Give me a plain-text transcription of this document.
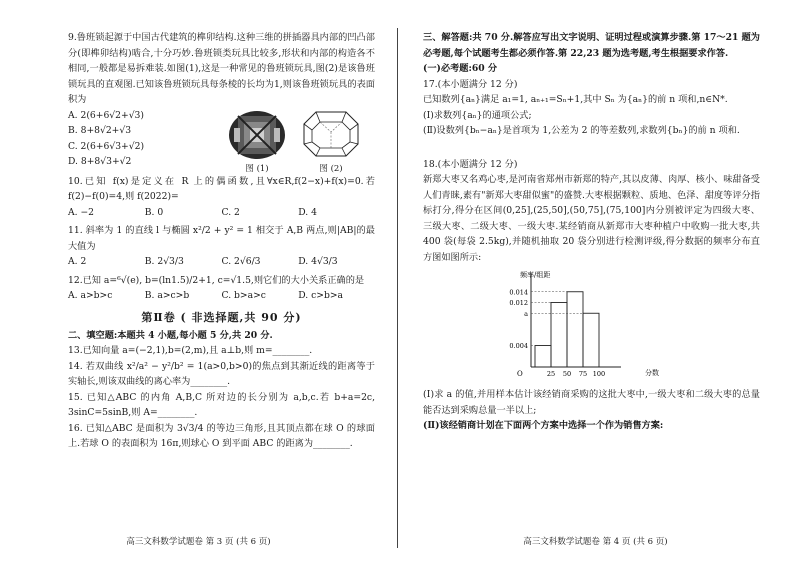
9.鲁班锁起源于中国古代建筑的榫卯结构.这种三维的拼插器具内部的凹凸部分(即榫卯结构)啮合,十分巧妙.鲁班锁类玩具比较多,形状和内部的构造各不相同,一般都是易拆难装.如图(1),这是一种常见的鲁班锁玩具,图(2)是该鲁班锁玩具的直观图.已知该鲁班锁玩具每条棱的长均为1,则该鲁班锁玩具的表面积为

A. 2(6+6√2+√3)
B. 8+8√2+√3
C. 2(6+6√3+√2)
D. 8+8√3+√2
图 (1)	图 (2)

10.已知 f(x)是定义在 R 上的偶函数,且∀x∈R,f(2−x)+f(x)=0.若 f(2)−f(0)=4,则 f(2022)=

A. −2	B. 0	C. 2	D. 4

11. 斜率为 1 的直线 l 与椭圆 x²/2 + y² = 1 相交于 A,B 两点,则|AB|的最大值为

A. 2	B. 2√3/3	C. 2√6/3	D. 4√3/3

12.已知 a=⁶√(e), b=(ln1.5)/2+1, c=√1.5,则它们的大小关系正确的是

A. a>b>c	B. a>c>b	C. b>a>c	D. c>b>a
第Ⅱ卷 ( 非选择题,共 90 分)

二、填空题:本题共 4 小题,每小题 5 分,共 20 分.

13.已知向量 a=(−2,1),b=(2,m),且 a⊥b,则 m=________.

14. 若双曲线 x²/a² − y²/b² = 1(a>0,b>0)的焦点到其渐近线的距离等于实轴长,则该双曲线的离心率为________.

15. 已知△ABC 的内角 A,B,C 所对边的长分别为 a,b,c.若 b+a=2c, 3sinC=5sinB,则 A=________.

16. 已知△ABC 是面积为 3√3/4 的等边三角形,且其顶点都在球 O 的球面上.若球 O 的表面积为 16π,则球心 O 到平面 ABC 的距离为________.

高三文科数学试题卷 第 3 页 (共 6 页)

三、解答题:共 70 分.解答应写出文字说明、证明过程或演算步骤.第 17～21 题为必考题,每个试题考生都必须作答.第 22,23 题为选考题,考生根据要求作答.

(一)必考题:60 分

17.(本小题满分 12 分)

已知数列{aₙ}满足 a₁=1, aₙ₊₁=Sₙ+1,其中 Sₙ 为{aₙ}的前 n 项和,n∈N*.

(Ⅰ)求数列{aₙ}的通项公式;

(Ⅱ)设数列{bₙ−aₙ}是首项为 1,公差为 2 的等差数列,求数列{bₙ}的前 n 项和.

18.(本小题满分 12 分)

新郑大枣又名鸡心枣,是河南省郑州市新郑的特产,其以皮薄、肉厚、核小、味甜备受人们青睐,素有"新郑大枣甜似蜜"的盛赞.大枣根据颗粒、质地、色泽、甜度等评分指标打分,得分在区间(0,25],(25,50],(50,75],(75,100]内分别被评定为四级大枣、三级大枣、二级大枣、一级大枣.某经销商从新郑市大枣种植户中收购一批大枣,共 400 袋(每袋 2.5kg),并随机抽取 20 袋分别进行检测评级,得分数据的频率分布直方图如图所示:

频率/组距
分数
O
0.004
0.012
0.014
a
25 50 75 100

(Ⅰ)求 a 的值,并用样本估计该经销商采购的这批大枣中,一级大枣和二级大枣的总量能否达到采购总量一半以上;

(Ⅱ)该经销商计划在下面两个方案中选择一个作为销售方案:

高三文科数学试题卷 第 4 页 (共 6 页)
